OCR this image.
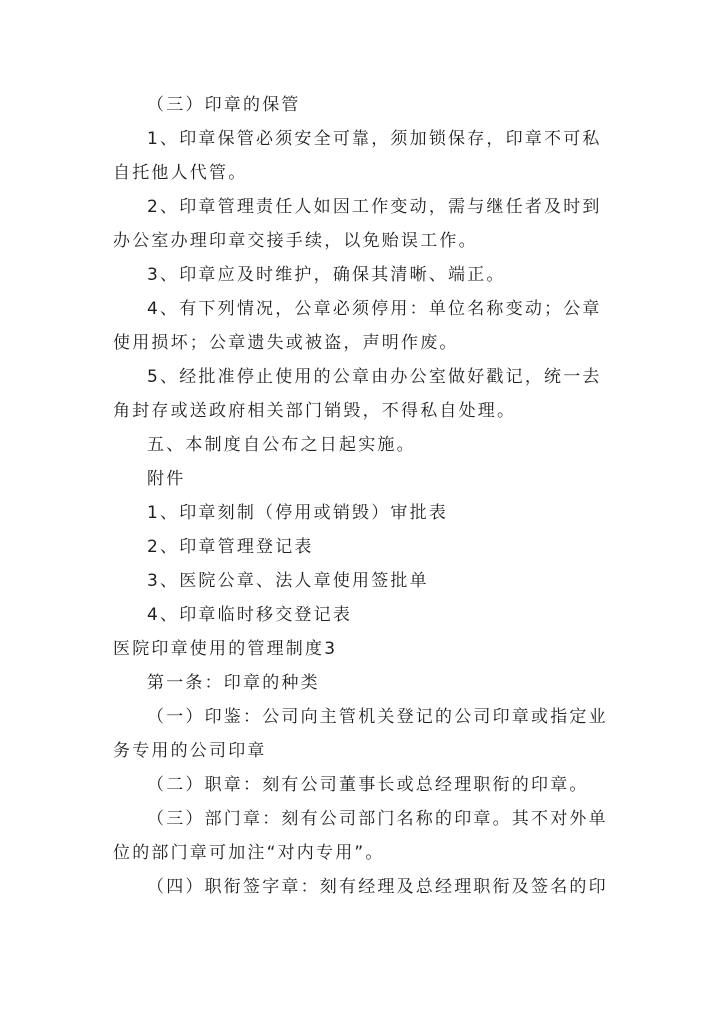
（三）印章的保管

1、印章保管必须安全可靠，须加锁保存，印章不可私自托他人代管。

2、印章管理责任人如因工作变动，需与继任者及时到办公室办理印章交接手续，以免贻误工作。

3、印章应及时维护，确保其清晰、端正。

4、有下列情况，公章必须停用：单位名称变动；公章使用损坏；公章遗失或被盗，声明作废。

5、经批准停止使用的公章由办公室做好戳记，统一去角封存或送政府相关部门销毁，不得私自处理。

五、本制度自公布之日起实施。

附件

1、印章刻制（停用或销毁）审批表

2、印章管理登记表

3、医院公章、法人章使用签批单

4、印章临时移交登记表

医院印章使用的管理制度3

第一条：印章的种类

（一）印鉴：公司向主管机关登记的公司印章或指定业务专用的公司印章

（二）职章：刻有公司董事长或总经理职衔的印章。

（三）部门章：刻有公司部门名称的印章。其不对外单位的部门章可加注“对内专用”。

（四）职衔签字章：刻有经理及总经理职衔及签名的印
